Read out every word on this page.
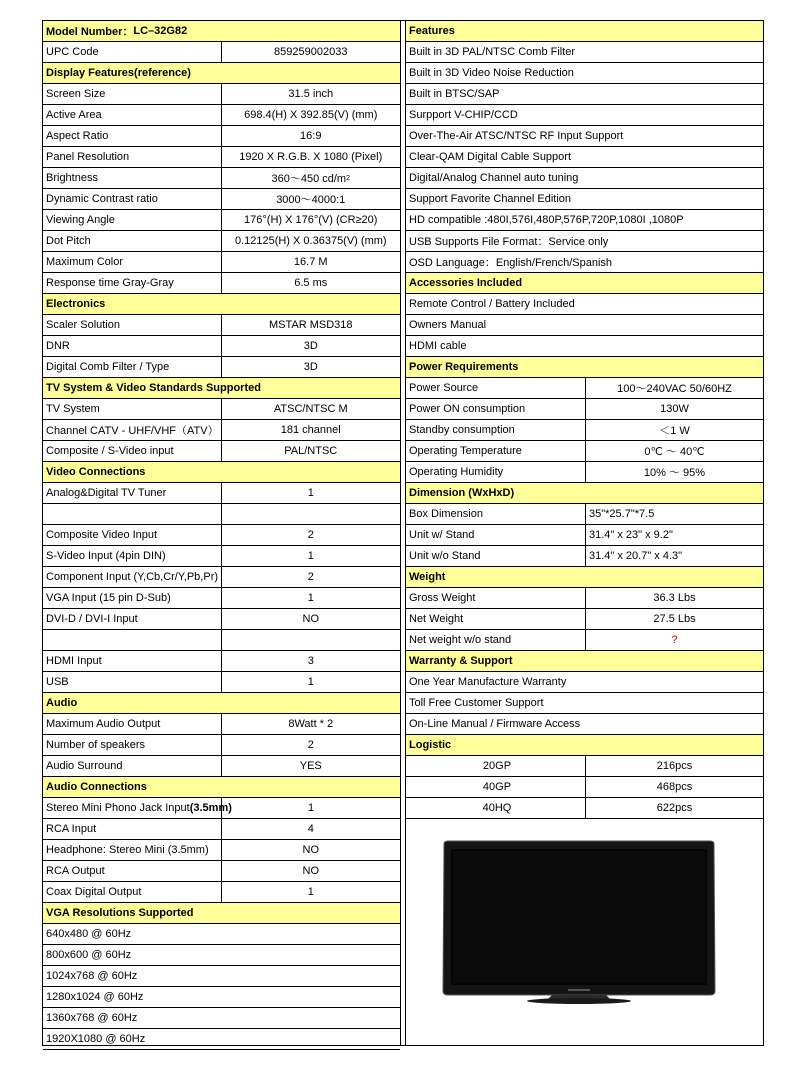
Model Number： LC–32G82
UPC Code	859259002033
Display Features(reference)
Screen Size	31.5 inch
Active Area	698.4(H) X 392.85(V) (mm)
Aspect Ratio	16:9
Panel Resolution	1920 X R.G.B. X 1080 (Pixel)
Brightness	360～450 cd/m 2
Dynamic Contrast ratio	3000～4000:1
Viewing Angle	176°(H) X 176°(V) (CR≥20)
Dot Pitch	0.12125(H) X 0.36375(V) (mm)
Maximum Color	16.7 M
Response time Gray-Gray	6.5 ms
Electronics
Scaler Solution	MSTAR MSD318
DNR	3D
Digital Comb Filter / Type	3D
TV System & Video Standards Supported
TV System	ATSC/NTSC M
Channel CATV - UHF/VHF（ATV）	181 channel
Composite / S-Video input	PAL/NTSC
Video Connections
Analog&Digital TV Tuner	1
Composite Video Input	2
S-Video Input (4pin DIN)	1
Component Input (Y,Cb,Cr/Y,Pb,Pr)	2
VGA Input (15 pin D-Sub)	1
DVI-D / DVI-I Input	NO
HDMI Input	3
USB	1
Audio
Maximum Audio Output	8Watt * 2
Number of speakers	2
Audio Surround	YES
Audio Connections
Stereo Mini Phono Jack Input (3.5mm)	1
RCA Input	4
Headphone: Stereo Mini (3.5mm)	NO
RCA Output	NO
Coax Digital Output	1
VGA Resolutions Supported
640x480 @ 60Hz
800x600 @ 60Hz
1024x768 @ 60Hz
1280x1024 @ 60Hz
1360x768 @ 60Hz
1920X1080 @ 60Hz
Features
Built in 3D PAL/NTSC Comb Filter
Built in 3D Video Noise Reduction
Built in BTSC/SAP
Surpport V-CHIP/CCD
Over-The-Air ATSC/NTSC RF Input Support
Clear-QAM Digital Cable Support
Digital/Analog Channel auto tuning
Support Favorite Channel Edition
HD compatible :480I,576I,480P,576P,720P,1080I ,1080P
USB Supports File Format：Service only
OSD Language：English/French/Spanish
Accessories Included
Remote Control / Battery Included
Owners Manual
HDMI cable
Power Requirements
Power Source	100～240VAC 50/60HZ
Power ON consumption	130W
Standby consumption	＜1 W
Operating Temperature	0℃ ～ 40℃
Operating Humidity	10% ～ 95%
Dimension (WxHxD)
Box Dimension	35"*25.7"*7.5
Unit w/ Stand	31.4" x 23" x 9.2"
Unit w/o Stand	31.4" x 20.7" x 4.3"
Weight
Gross Weight	36.3 Lbs
Net Weight	27.5 Lbs
Net weight w/o stand	?
Warranty & Support
One Year Manufacture Warranty
Toll Free Customer Support
On-Line Manual / Firmware Access
Logistic
20GP	216pcs
40GP	468pcs
40HQ	622pcs
